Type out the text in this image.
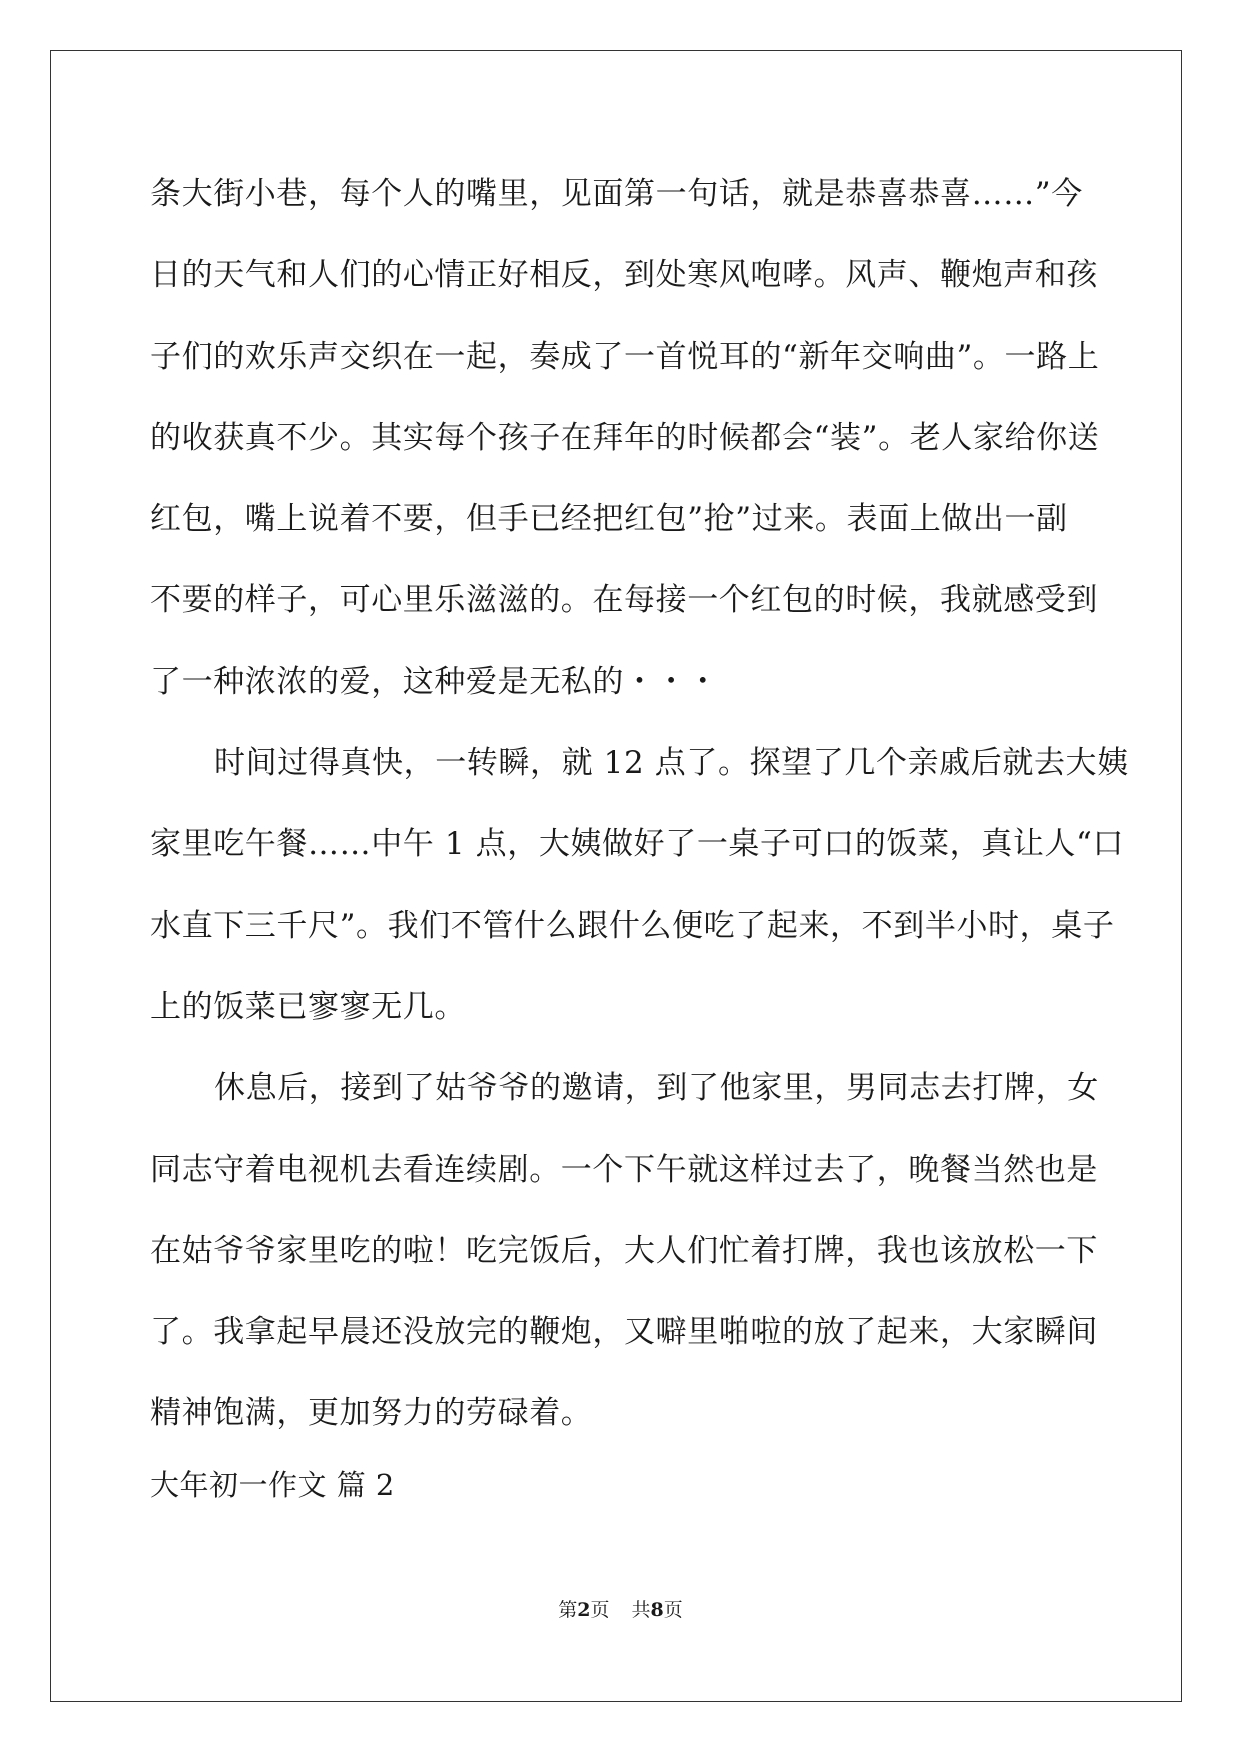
条大街小巷，每个人的嘴里，见面第一句话，就是恭喜恭喜……”今
日的天气和人们的心情正好相反，到处寒风咆哮。风声、鞭炮声和孩
子们的欢乐声交织在一起，奏成了一首悦耳的“新年交响曲”。一路上
的收获真不少。其实每个孩子在拜年的时候都会“装”。老人家给你送
红包，嘴上说着不要，但手已经把红包”抢”过来。表面上做出一副
不要的样子，可心里乐滋滋的。在每接一个红包的时候，我就感受到
了一种浓浓的爱，这种爱是无私的・・・
时间过得真快，一转瞬，就 12 点了。探望了几个亲戚后就去大姨
家里吃午餐……中午 1 点，大姨做好了一桌子可口的饭菜，真让人“口
水直下三千尺”。我们不管什么跟什么便吃了起来，不到半小时，桌子
上的饭菜已寥寥无几。
休息后，接到了姑爷爷的邀请，到了他家里，男同志去打牌，女
同志守着电视机去看连续剧。一个下午就这样过去了，晚餐当然也是
在姑爷爷家里吃的啦！吃完饭后，大人们忙着打牌，我也该放松一下
了。我拿起早晨还没放完的鞭炮，又噼里啪啦的放了起来，大家瞬间
精神饱满，更加努力的劳碌着。
大年初一作文 篇 2
第2页 共8页
